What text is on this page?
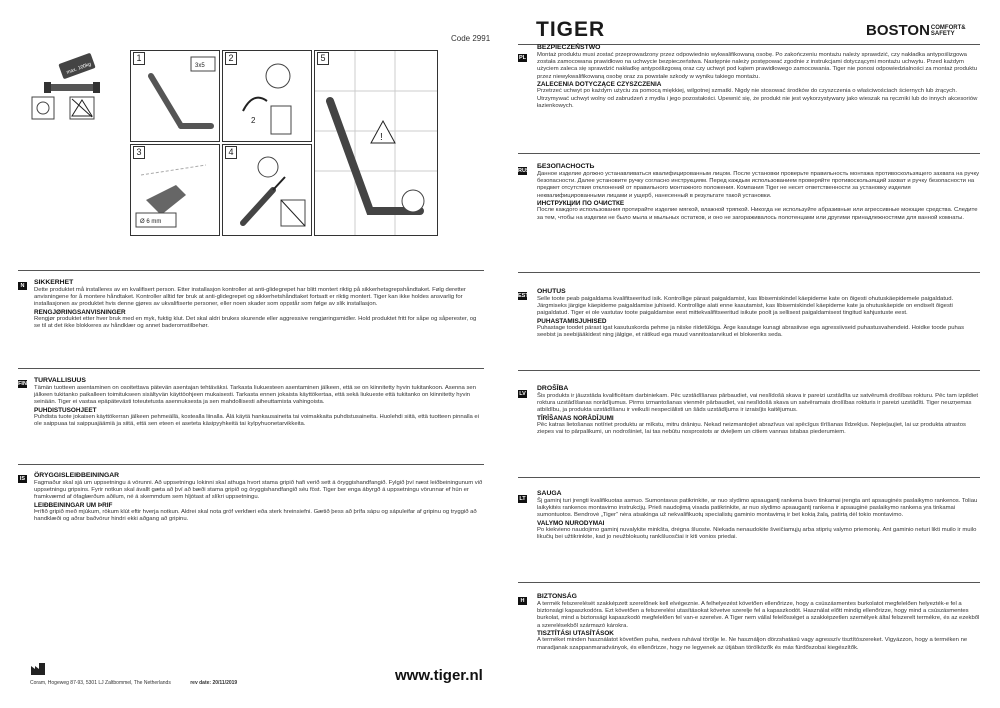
Code 2991 TIGER	BOSTONCOMFORT&
SAFETY
max. 100kg
1
3x5
2
2
3
Ø 6 mm
4
5
!
N	SIKKERHET

Dette produktet må installeres av en kvalifisert person. Etter installasjon kontroller at anti-glidegrepet har blitt montert riktig på sikkerhetsgrepshåndtaket. Følg deretter anvisningene for å montere håndtaket. Kontroller alltid før bruk at anti-glidegrepet og sikkerhetshåndtaket fortsatt er riktig montert. Tiger kan ikke holdes ansvarlig for installasjonen av produktet hvis denne gjøres av ukvalifiserte personer, eller noen skader som oppstår som følge av slik installasjon.

RENGJØRINGSANVISNINGER

Rengjør produktet etter hver bruk med en myk, fuktig klut. Det skal aldri brukes skurende eller aggressive rengjøringsmidler. Hold produktet fritt for såpe og såperester, og se til at det ikke blokkeres av håndklær og annet baderomstilbehør.

FIN TURVALLISUUS

Tämän tuotteen asentaminen on osoitettava pätevän asentajan tehtäväksi. Tarkasta liukuesteen asentaminen jälkeen, että se on kiinnitetty hyvin tukitankoon. Asenna sen jälkeen tukitanko paikalleen toimitukseen sisältyvän käyttöohjeen mukaisesti. Tarkasta ennen jokaista käyttökertaa, että sekä liukueste että tukitanko on kiinnitetty hyvin seinään. Tiger ei vastaa epäpätevästi toteutetusta asennuksesta ja sen mahdollisesti aiheuttamista vahingoista.

PUHDISTUSOHJEET

Puhdista tuote jokaisen käyttökerran jälkeen pehmeällä, kostealla liinalla. Älä käytä hankausaineita tai voimakkaita puhdistusaineita. Huolehdi siitä, että tuotteen pinnalla ei ole saippuaa tai saippuajäämiä ja siitä, että sen eteen ei aseteta käsipyyhkeitä tai kylpyhuonetarvikkeita.

IS ÖRYGGISLEIÐBEININGAR

Fagmaður skal sjá um uppsetningu á vörunni. Að uppsetningu lokinni skal athuga hvort stama gripið hafi verið sett á öryggishandfangið. Fylgið því næst leiðbeiningunum við uppsetningu gripsins. Fyrir notkun skal ávallt gæta að því að bæði stama gripið og öryggishandfangið séu föst. Tiger ber enga ábyrgð á uppsetningu vörunnar ef hún er framkvæmd af ófaglærðum aðilum, né á skemmdum sem hljótast af slíkri uppsetningu.

LEIÐBEININGAR UM ÞRIF

Þrífið gripið með mjúkum, rökum klút eftir hverja notkun. Aldrei skal nota gróf verkfæri eða sterk hreinsiefni. Gætið þess að þrífa sápu og sápuleifar af gripinu og tryggið að handklæði og aðrar baðvörur hindri ekki aðgang að gripinu.

PL
BEZPIECZEŃSTWO

Montaż produktu musi zostać przeprowadzony przez odpowiednio wykwalifikowaną osobę. Po zakończeniu montażu należy sprawdzić, czy nakładka antypoślizgowa została zamocowana prawidłowo na uchwycie bezpieczeństwa. Następnie należy postępować zgodnie z instrukcjami dotyczącymi montażu uchwytu. Przed każdym użyciem zaleca się sprawdzić nakładkę antypoślizgową oraz czy uchwyt pod kątem prawidłowego zamocowania. Tiger nie ponosi odpowiedzialności za montaż produktu przez niewykwalifikowaną osobę oraz za powstałe szkody w wyniku takiego montażu.

ZALECENIA DOTYCZĄCE CZYSZCZENIA

Przetrzeć uchwyt po każdym użyciu za pomocą miękkiej, wilgotnej szmatki. Nigdy nie stosować środków do czyszczenia o właściwościach ściernych lub żrących. Utrzymywać uchwyt wolny od zabrudzeń z mydła i jego pozostałości. Upewnić się, że produkt nie jest wykorzystywany jako wieszak na ręczniki lub do innych akcesoriów łazienkowych.

RUS
БЕЗОПАСНОСТЬ

Данное изделие должно устанавливаться квалифицированным лицом. После установки проверьте правильность монтажа противоскользящего захвата на ручку безопасности. Далее установите ручку согласно инструкциям. Перед каждым использованием проверяйте противоскользящий захват и ручку безопасности на предмет отсутствия отклонений от правильного монтажного положения. Компания Tiger не несет ответственности за установку изделия неквалифицированными лицами и ущерб, нанесенный в результате такой установки.

ИНСТРУКЦИИ ПО ОЧИСТКЕ

После каждого использования протирайте изделие мягкой, влажной тряпкой. Никогда не используйте абразивные или агрессивные моющие средства. Следите за тем, чтобы на изделии не было мыла и мыльных остатков, и оно не загораживалось полотенцами или другими принадлежностями для ванной комнаты.

EST
OHUTUS

Selle toote peab paigaldama kvalifitseeritud isik. Kontrollige pärast paigaldamist, kas libisemiskindel käepideme kate on õigesti ohutuskäepidemele paigaldatud. Järgmiseks järgige käepideme paigaldamise juhiseid. Kontrollige alati enne kasutamist, kas libisemiskindel käepideme kate ja ohutuskäepide on endiselt õigesti paigaldatud. Tiger ei ole vastutav toote paigaldamise eest mittekvalifitseeritud isikute poolt ja sellisest paigaldamisest tingitud kahjustuste eest.

PUHASTAMISJUHISED

Puhastage toodet pärast igat kasutuskorda pehme ja niiske riidetükiga. Ärge kasutage kunagi abrasiivse ega agressiivseid puhastusvahendeid. Hoidke toode puhas seebist ja seebijääkidest ning jälgige, et rätikud ega muud vannitoatarvikud ei blokeeriks seda.

LV
DROŠĪBA

Šis produkts ir jāuzstāda kvalificētam darbiniekam. Pēc uzstādīšanas pārbaudiet, vai neslīdošā skava ir pareizi uzstādīta uz satvērumā drošības rokturu. Pēc tam izpildiet roktura uzstādīšanas norādījumus. Pirms izmantošanas vienmēr pārbaudiet, vai neslīdošā skava un satvēramais drošības rokturis ir pareizi uzstādīti. Tiger neuzņemas atbildību, ja produkta uzstādīšanu ir veikuši nespeciālisti un šāds uzstādījums ir izraisījis kaitējumus.

TĪRĪŠANAS NORĀDĪJUMI

Pēc katras lietošanas notīriet produktu ar mīkstu, mitru drāniņu. Nekad neizmantojiet abrazīvus vai spēcīgus tīrīšanas līdzekļus. Nepieļaujiet, lai uz produkta atrastos ziepes vai to pārpalikumi, un nodrošiniet, lai tas nebūtu nosprostots ar dvieļiem un citiem vannas istabas piederumiem.

LT
SAUGA

Šį gaminį turi įrengti kvalifikuotas asmuo. Sumontavus patikrinkite, ar nuo slydimo apsaugantį rankena buvo tinkamai įrengta ant apsauginės paslaikymo rankenos. Toliau laikykitės rankenos montavimo instrukcijų. Prieš naudojimą visada patikrinkite, ar nuo slydimo apsaugantį rankena ir apsauginė paslaikymo rankena yra tinkamai sumontuotos. Bendrovė „Tiger“ nėra atsakinga už nekvalifikuotų specialistų gaminio montavimą ir bet kokią žalą, patirtą dėl tokio montavimo.

VALYMO NURODYMAI

Po kiekvieno naudojimo gaminį nuvalykite minkšta, drėgna šluoste. Niekada nenaudokite šveičiamųjų arba stiprių valymo priemonių. Ant gaminio neturi likti muilo ir muilo likučių bei užtikrinkite, kad jo neužblokuotų rankšluosčiai ir kiti vonios priedai.

H
BIZTONSÁG

A termék felszerelését szakképzett szerelőnek kell elvégeznie. A felhelyezést követően ellenőrizze, hogy a csúszásmentes burkolatot megfelelően helyezték-e fel a biztonsági kapaszkodóra. Ezt követően a felszerelési utasításokat követve szerelje fel a kapaszkodót. Használat előtt mindig ellenőrizze, hogy mind a csúszásmentes burkolat, mind a biztonsági kapaszkodó megfelelően fel van-e szerelve. A Tiger nem vállal felelősséget a szakképzetlen személyek által felszerelt termékre, és az ezekből a szerelésekből származó károkra.

TISZTÍTÁSI UTASÍTÁSOK

A terméket minden használatot követően puha, nedves ruhával törölje le. Ne használjon dörzshatású vagy agresszív tisztítószereket. Vigyázzon, hogy a terméken ne maradjanak szappanmaradványok, és ellenőrizze, hogy ne legyenek az útjában törölközők és más fürdőszobai kiegészítők.

Coram, Hogeweg 87-93, 5301 LJ Zaltbommel, The Netherlands	rev date: 20/11/2019	www.tiger.nl
